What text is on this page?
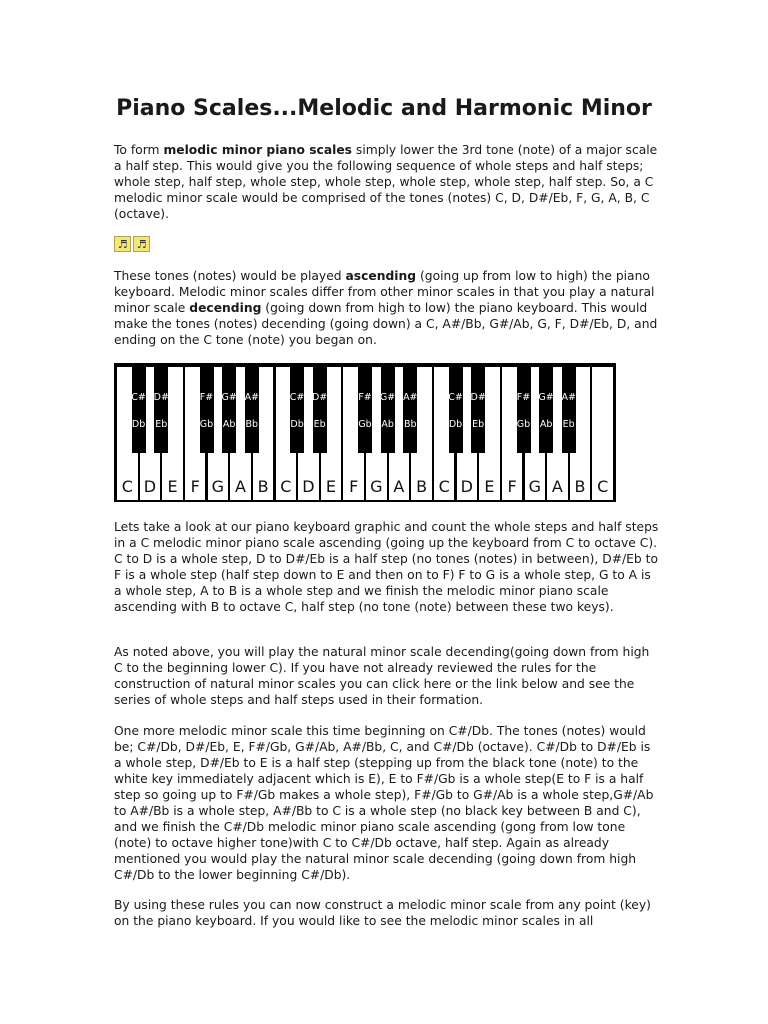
Piano Scales...Melodic and Harmonic Minor

To form melodic minor piano scales simply lower the 3rd tone (note) of a major scale a half step. This would give you the following sequence of whole steps and half steps; whole step, half step, whole step, whole step, whole step, whole step, half step. So, a C melodic minor scale would be comprised of the tones (notes) C, D, D#/Eb, F, G, A, B, C (octave).

♬ ♬

These tones (notes) would be played ascending (going up from low to high) the piano keyboard. Melodic minor scales differ from other minor scales in that you play a natural minor scale decending (going down from high to low) the piano keyboard. This would make the tones (notes) decending (going down) a C, A#/Bb, G#/Ab, G, F, D#/Eb, D, and ending on the C tone (note) you began on.

C D E F G A B C D E F G A B C D E F G A B C
C#
Db
D#
Eb
F#
Gb
G#
Ab
A#
Bb
C#
Db
D#
Eb
F#
Gb
G#
Ab
A#
Bb
C#
Db
D#
Eb
F#
Gb
G#
Ab
A#
Eb

Lets take a look at our piano keyboard graphic and count the whole steps and half steps in a C melodic minor piano scale ascending (going up the keyboard from C to octave C). C to D is a whole step, D to D#/Eb is a half step (no tones (notes) in between), D#/Eb to F is a whole step (half step down to E and then on to F) F to G is a whole step, G to A is a whole step, A to B is a whole step and we finish the melodic minor piano scale ascending with B to octave C, half step (no tone (note) between these two keys).

As noted above, you will play the natural minor scale decending(going down from high C to the beginning lower C). If you have not already reviewed the rules for the construction of natural minor scales you can click here or the link below and see the series of whole steps and half steps used in their formation.

One more melodic minor scale this time beginning on C#/Db. The tones (notes) would be; C#/Db, D#/Eb, E, F#/Gb, G#/Ab, A#/Bb, C, and C#/Db (octave). C#/Db to D#/Eb is a whole step, D#/Eb to E is a half step (stepping up from the black tone (note) to the white key immediately adjacent which is E), E to F#/Gb is a whole step(E to F is a half step so going up to F#/Gb makes a whole step), F#/Gb to G#/Ab is a whole step,G#/Ab to A#/Bb is a whole step, A#/Bb to C is a whole step (no black key between B and C), and we finish the C#/Db melodic minor piano scale ascending (gong from low tone (note) to octave higher tone)with C to C#/Db octave, half step. Again as already mentioned you would play the natural minor scale decending (going down from high C#/Db to the lower beginning C#/Db).

By using these rules you can now construct a melodic minor scale from any point (key) on the piano keyboard. If you would like to see the melodic minor scales in all
